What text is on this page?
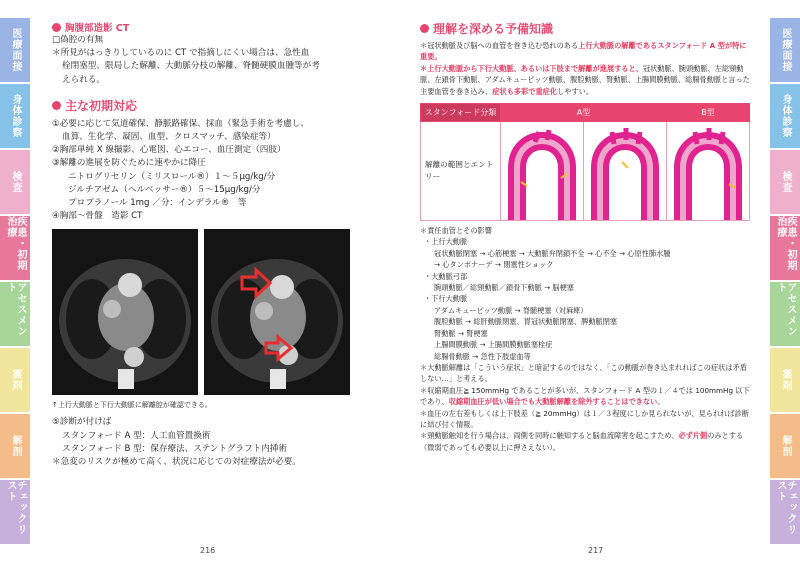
医療面接
身体診察
検査
疾患・初期治療
アセスメント
薬剤
解剖
チェックリスト
医療面接
身体診察
検査
疾患・初期治療
アセスメント
薬剤
解剖
チェックリスト
胸腹部造影 CT
□偽腔の有無
＊所見がはっきりしているのに CT で指摘しにくい場合は、急性血
栓閉塞型、限局した解離、大動脈分枝の解離、脊髄硬膜血腫等が考
えられる。
主な初期対応
①必要に応じて気道確保、静脈路確保、採血（緊急手術を考慮し、
血算、生化学、凝固、血型、クロスマッチ、感染症等）
②胸部単純 X 線撮影、心電図、心エコー、血圧測定（四肢）
③解離の進展を防ぐために速やかに降圧
ニトログリセリン（ミリスロール®）１～５μg/kg/分
ジルチアゼム（ヘルベッサー®）５～15μg/kg/分
プロプラノール 1mg ／分：インデラル®　等
④胸部～骨盤　造影 CT
↑上行大動脈と下行大動脈に解離腔が確認できる。
⑤診断が付けば
スタンフォード A 型：人工血管置換術
スタンフォード B 型：保存療法、ステントグラフト内挿術
＊急変のリスクが極めて高く、状況に応じての対症療法が必要。
216
理解を深める予備知識
＊冠状動脈及び脳への血管を巻き込む恐れのある上行大動脈の解離であるスタンフォード A 型が特に重要。
＊上行大動脈から下行大動脈、あるいは下肢まで解離が進展すると、冠状動脈、腕頭動脈、左総頸動脈、左鎖骨下動脈、アダムキューピッツ動脈、腹腔動脈、腎動脈、上腸間膜動脈、総腸骨動脈と言った主要血管を巻き込み、症状も多彩で重症化しやすい。
スタンフォード分類	A型		B型
解離の範囲とエントリー	

＊責任血管とその影響
・上行大動脈
冠状動脈閉塞 → 心筋梗塞 → 大動脈弁閉鎖不全 → 心不全 → 心原性肺水腫
→ 心タンポナーデ → 閉塞性ショック
・大動脈弓部
腕頭動脈／総頸動脈／鎖骨下動脈 → 脳梗塞
・下行大動脈
アダムキューピッツ動脈 → 脊髄梗塞（対麻痺）
腹腔動脈 → 総肝動脈閉塞、胃冠状動脈閉塞、脾動脈閉塞
腎動脈 → 腎梗塞
上腸間膜動脈 → 上腸間膜動脈塞栓症
総腸骨動脈 → 急性下肢虚血等
＊大動脈解離は「こういう症状」と暗記するのではなく、「この動脈が巻き込まれればこの症状は矛盾しない…」と考える。
＊収縮期血圧≧ 150mmHg であることが多いが、スタンフォード A 型の１／４では 100mmHg 以下であり、収縮期血圧が低い場合でも大動脈解離を除外することはできない。
＊血圧の左右差もしくは上下肢差（≧ 20mmHg）は１／３程度にしか見られないが、見られれば診断に結び付く情報。
＊頸動脈触知を行う場合は、両側を同時に触知すると脳血流障害を起こすため、必ず片側のみとする（微弱であっても必要以上に押さえない）。
217
